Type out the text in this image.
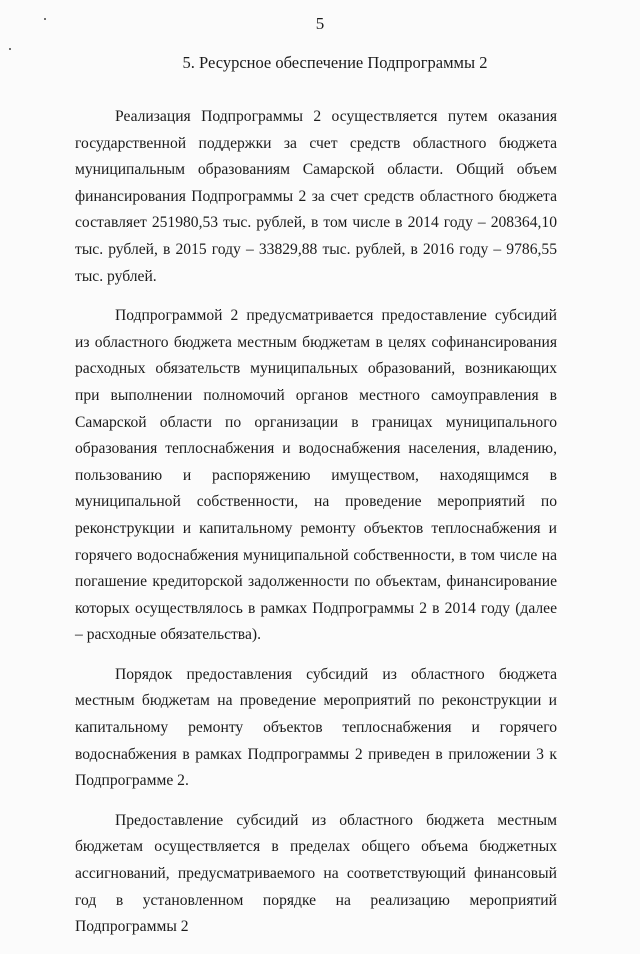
5
5. Ресурсное обеспечение Подпрограммы 2

Реализация Подпрограммы 2 осуществляется путем оказания государственной поддержки за счет средств областного бюджета муниципальным образованиям Самарской области. Общий объем финансирования Подпрограммы 2 за счет средств областного бюджета составляет 251980,53 тыс. рублей, в том числе в 2014 году – 208364,10 тыс. рублей, в 2015 году – 33829,88 тыс. рублей, в 2016 году – 9786,55 тыс. рублей.

Подпрограммой 2 предусматривается предоставление субсидий из областного бюджета местным бюджетам в целях софинансирования расходных обязательств муниципальных образований, возникающих при выполнении полномочий органов местного самоуправления в Самарской области по организации в границах муниципального образования теплоснабжения и водоснабжения населения, владению, пользованию и распоряжению имуществом, находящимся в муниципальной собственности, на проведение мероприятий по реконструкции и капитальному ремонту объектов теплоснабжения и горячего водоснабжения муниципальной собственности, в том числе на погашение кредиторской задолженности по объектам, финансирование которых осуществлялось в рамках Подпрограммы 2 в 2014 году (далее – расходные обязательства).

Порядок предоставления субсидий из областного бюджета местным бюджетам на проведение мероприятий по реконструкции и капитальному ремонту объектов теплоснабжения и горячего водоснабжения в рамках Подпрограммы 2 приведен в приложении 3 к Подпрограмме 2.

Предоставление субсидий из областного бюджета местным бюджетам осуществляется в пределах общего объема бюджетных ассигнований, предусматриваемого на соответствующий финансовый год в установленном порядке на реализацию мероприятий Подпрограммы 2
